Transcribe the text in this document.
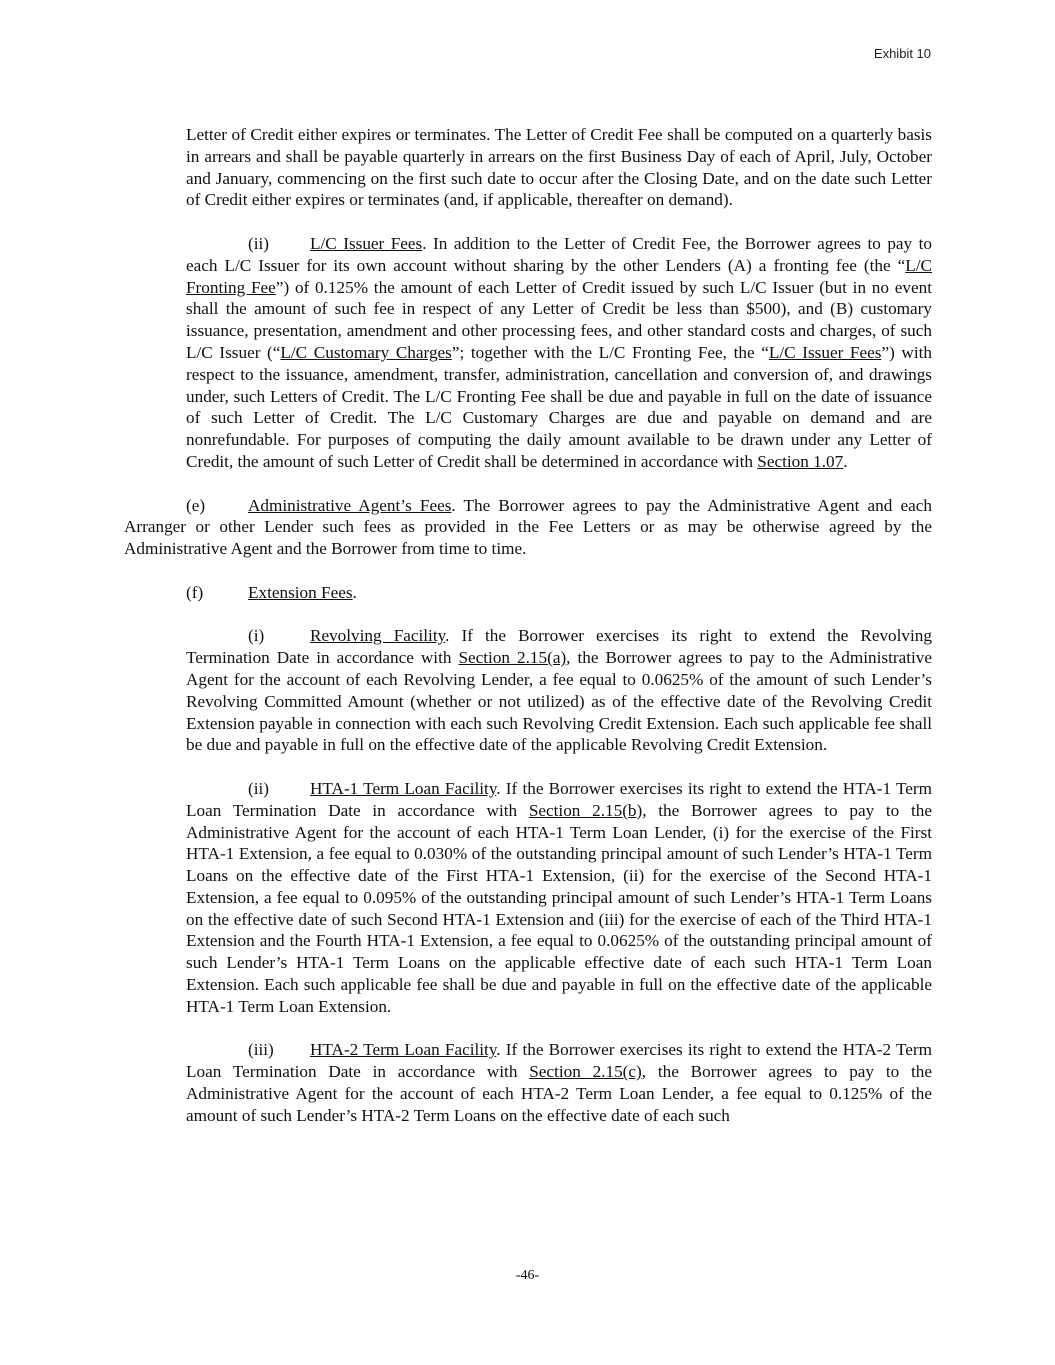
Exhibit 10

Letter of Credit either expires or terminates. The Letter of Credit Fee shall be computed on a quarterly basis in arrears and shall be payable quarterly in arrears on the first Business Day of each of April, July, October and January, commencing on the first such date to occur after the Closing Date, and on the date such Letter of Credit either expires or terminates (and, if applicable, thereafter on demand).

(ii) L/C Issuer Fees. In addition to the Letter of Credit Fee, the Borrower agrees to pay to each L/C Issuer for its own account without sharing by the other Lenders (A) a fronting fee (the “L/C Fronting Fee”) of 0.125% the amount of each Letter of Credit issued by such L/C Issuer (but in no event shall the amount of such fee in respect of any Letter of Credit be less than $500), and (B) customary issuance, presentation, amendment and other processing fees, and other standard costs and charges, of such L/C Issuer (“L/C Customary Charges”; together with the L/C Fronting Fee, the “L/C Issuer Fees”) with respect to the issuance, amendment, transfer, administration, cancellation and conversion of, and drawings under, such Letters of Credit. The L/C Fronting Fee shall be due and payable in full on the date of issuance of such Letter of Credit. The L/C Customary Charges are due and payable on demand and are nonrefundable. For purposes of computing the daily amount available to be drawn under any Letter of Credit, the amount of such Letter of Credit shall be determined in accordance with Section 1.07.

(e) Administrative Agent’s Fees. The Borrower agrees to pay the Administrative Agent and each Arranger or other Lender such fees as provided in the Fee Letters or as may be otherwise agreed by the Administrative Agent and the Borrower from time to time.

(f)	Extension Fees.

(i)	Revolving Facility. If the Borrower exercises its right to extend the Revolving Termination Date in accordance with Section 2.15(a), the Borrower agrees to pay to the Administrative Agent for the account of each Revolving Lender, a fee equal to 0.0625% of the amount of such Lender’s Revolving Committed Amount (whether or not utilized) as of the effective date of the Revolving Credit Extension payable in connection with each such Revolving Credit Extension. Each such applicable fee shall be due and payable in full on the effective date of the applicable Revolving Credit Extension.

(ii) HTA-1 Term Loan Facility. If the Borrower exercises its right to extend the HTA-1 Term Loan Termination Date in accordance with Section 2.15(b), the Borrower agrees to pay to the Administrative Agent for the account of each HTA-1 Term Loan Lender, (i) for the exercise of the First HTA-1 Extension, a fee equal to 0.030% of the outstanding principal amount of such Lender’s HTA-1 Term Loans on the effective date of the First HTA-1 Extension, (ii) for the exercise of the Second HTA-1 Extension, a fee equal to 0.095% of the outstanding principal amount of such Lender’s HTA-1 Term Loans on the effective date of such Second HTA-1 Extension and (iii) for the exercise of each of the Third HTA-1 Extension and the Fourth HTA-1 Extension, a fee equal to 0.0625% of the outstanding principal amount of such Lender’s HTA-1 Term Loans on the applicable effective date of each such HTA-1 Term Loan Extension. Each such applicable fee shall be due and payable in full on the effective date of the applicable HTA-1 Term Loan Extension.

(iii) HTA-2 Term Loan Facility. If the Borrower exercises its right to extend the HTA-2 Term Loan Termination Date in accordance with Section 2.15(c), the Borrower agrees to pay to the Administrative Agent for the account of each HTA-2 Term Loan Lender, a fee equal to 0.125% of the amount of such Lender’s HTA-2 Term Loans on the effective date of each such

-46-
